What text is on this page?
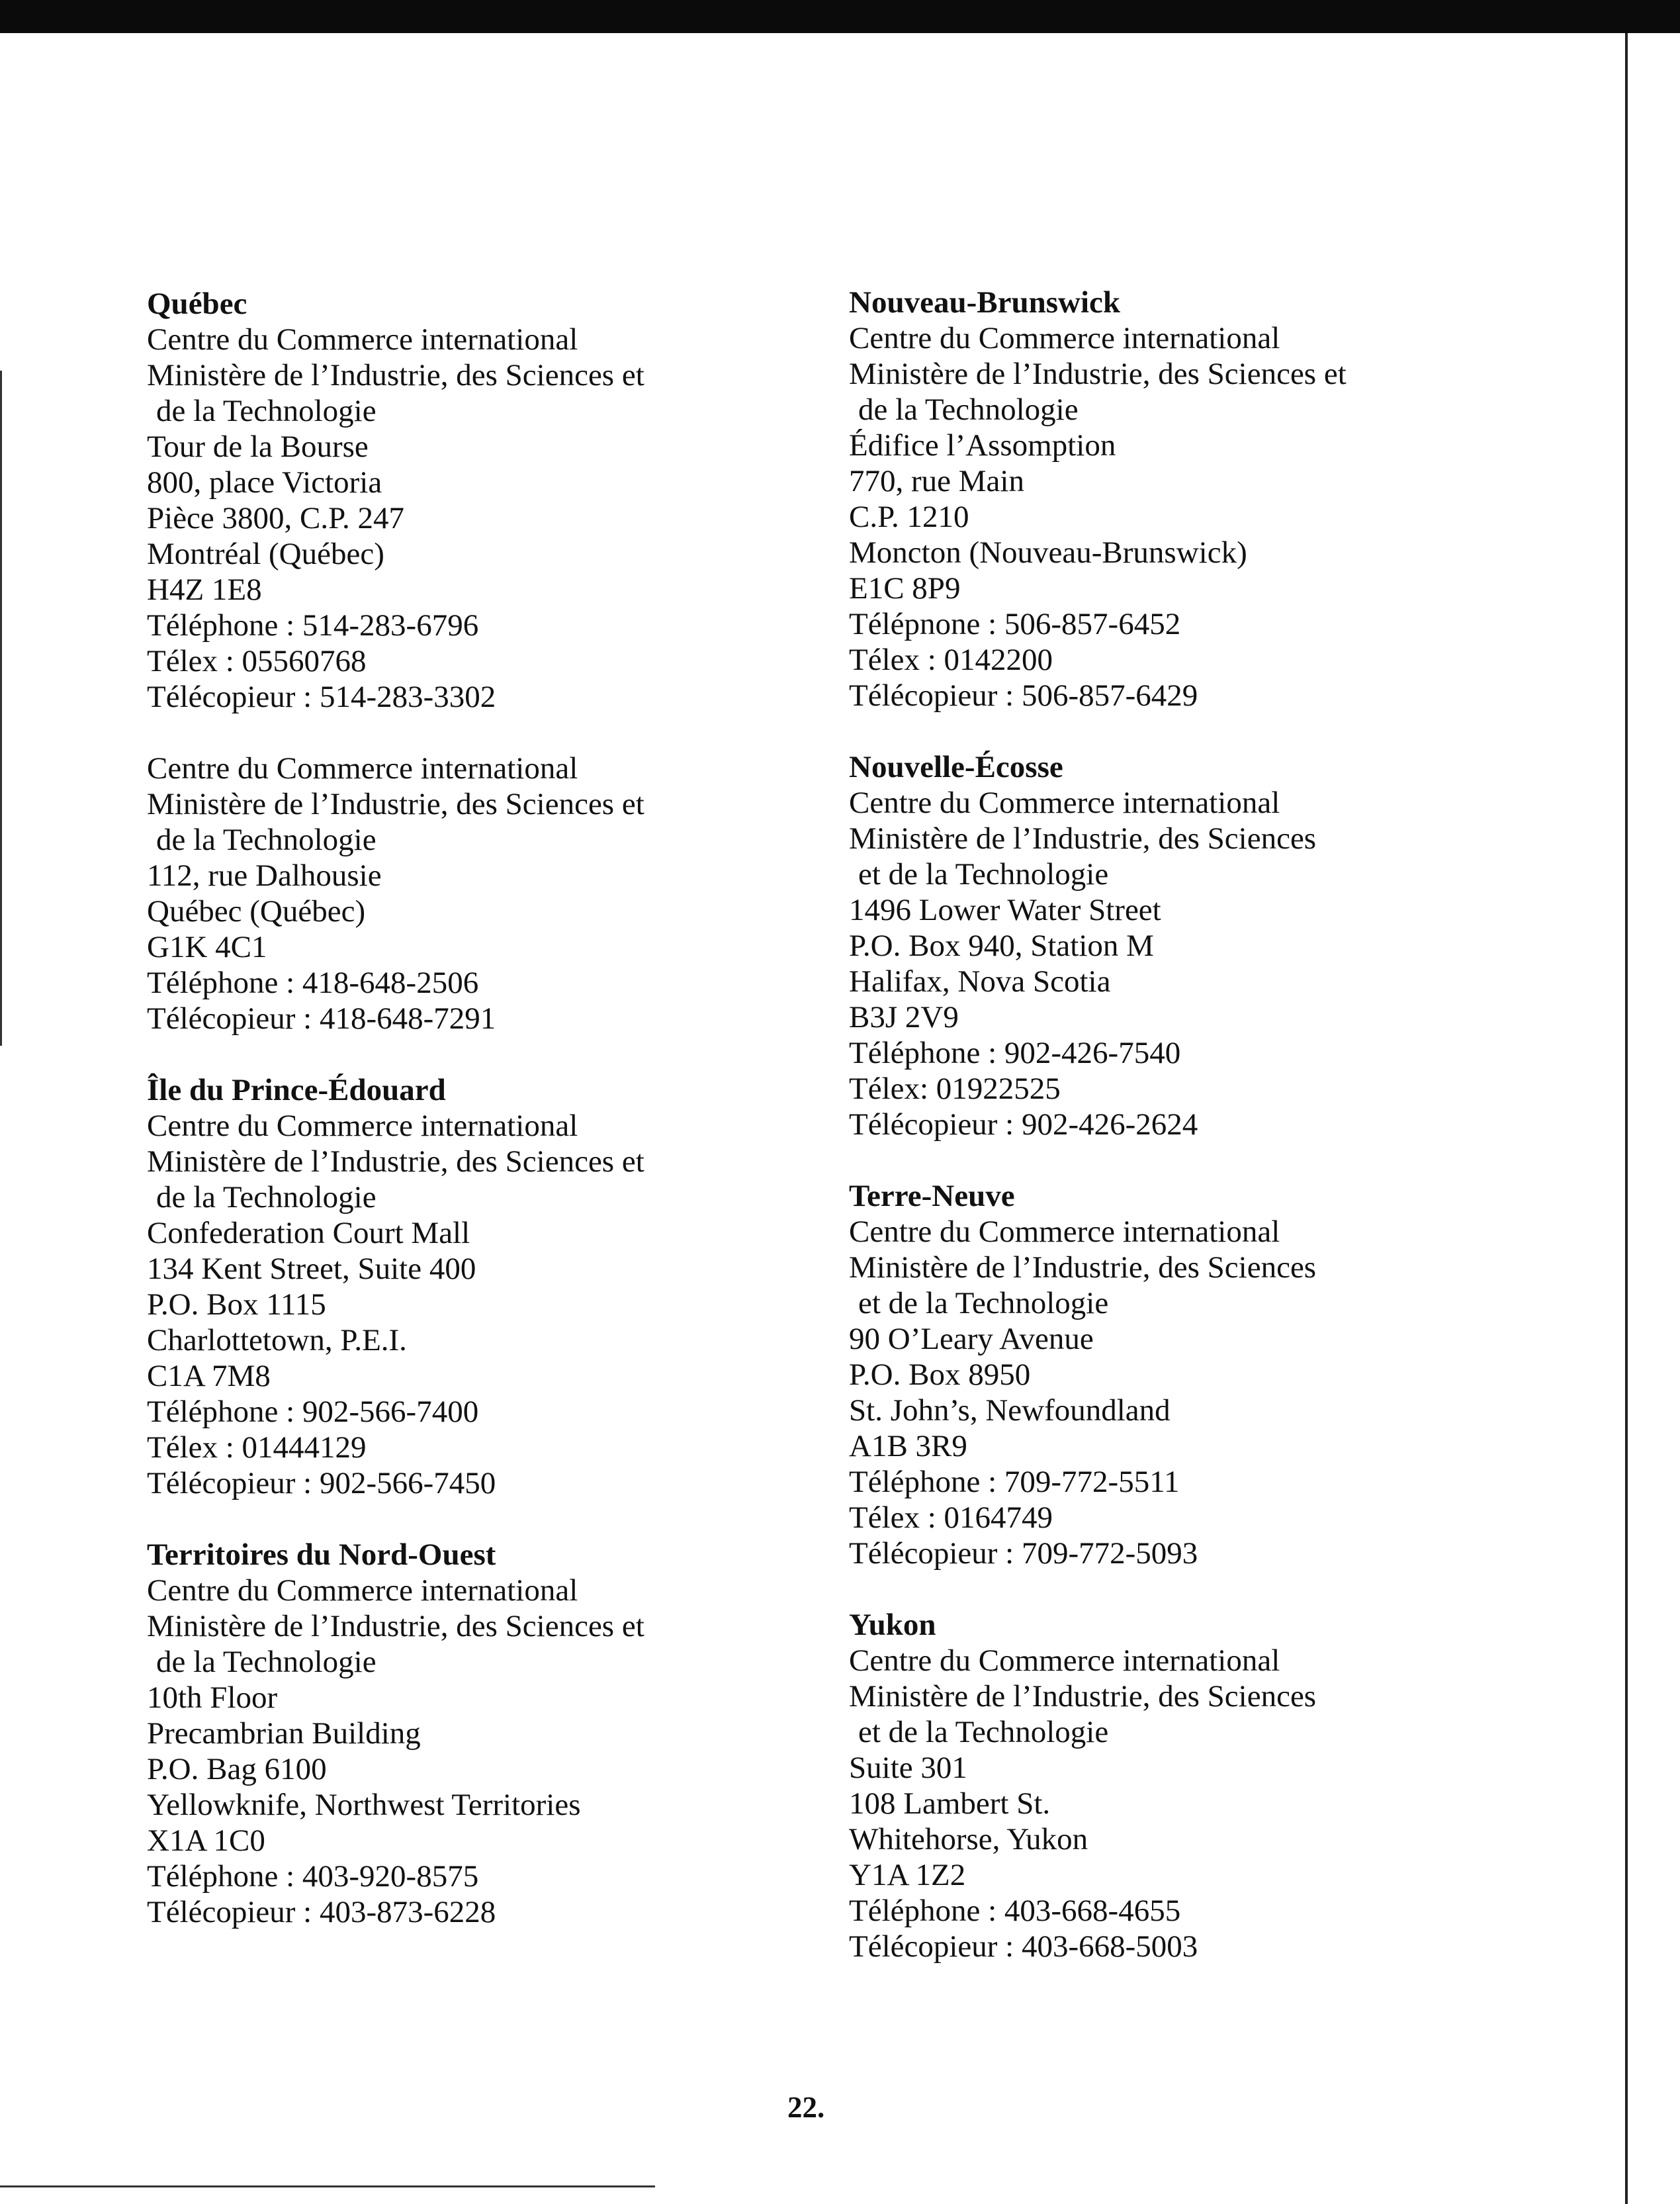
Québec
Centre du Commerce international
Ministère de l’Industrie, des Sciences et
de la Technologie
Tour de la Bourse
800, place Victoria
Pièce 3800, C.P. 247
Montréal (Québec)
H4Z 1E8
Téléphone : 514-283-6796
Télex : 05560768
Télécopieur : 514-283-3302
Centre du Commerce international
Ministère de l’Industrie, des Sciences et
de la Technologie
112, rue Dalhousie
Québec (Québec)
G1K 4C1
Téléphone : 418-648-2506
Télécopieur : 418-648-7291
Île du Prince-Édouard
Centre du Commerce international
Ministère de l’Industrie, des Sciences et
de la Technologie
Confederation Court Mall
134 Kent Street, Suite 400
P.O. Box 1115
Charlottetown, P.E.I.
C1A 7M8
Téléphone : 902-566-7400
Télex : 01444129
Télécopieur : 902-566-7450
Territoires du Nord-Ouest
Centre du Commerce international
Ministère de l’Industrie, des Sciences et
de la Technologie
10th Floor
Precambrian Building
P.O. Bag 6100
Yellowknife, Northwest Territories
X1A 1C0
Téléphone : 403-920-8575
Télécopieur : 403-873-6228
Nouveau-Brunswick
Centre du Commerce international
Ministère de l’Industrie, des Sciences et
de la Technologie
Édifice l’Assomption
770, rue Main
C.P. 1210
Moncton (Nouveau-Brunswick)
E1C 8P9
Télépnone : 506-857-6452
Télex : 0142200
Télécopieur : 506-857-6429
Nouvelle-Écosse
Centre du Commerce international
Ministère de l’Industrie, des Sciences
et de la Technologie
1496 Lower Water Street
P.O. Box 940, Station M
Halifax, Nova Scotia
B3J 2V9
Téléphone : 902-426-7540
Télex: 01922525
Télécopieur : 902-426-2624
Terre-Neuve
Centre du Commerce international
Ministère de l’Industrie, des Sciences
et de la Technologie
90 O’Leary Avenue
P.O. Box 8950
St. John’s, Newfoundland
A1B 3R9
Téléphone : 709-772-5511
Télex : 0164749
Télécopieur : 709-772-5093
Yukon
Centre du Commerce international
Ministère de l’Industrie, des Sciences
et de la Technologie
Suite 301
108 Lambert St.
Whitehorse, Yukon
Y1A 1Z2
Téléphone : 403-668-4655
Télécopieur : 403-668-5003
22.
